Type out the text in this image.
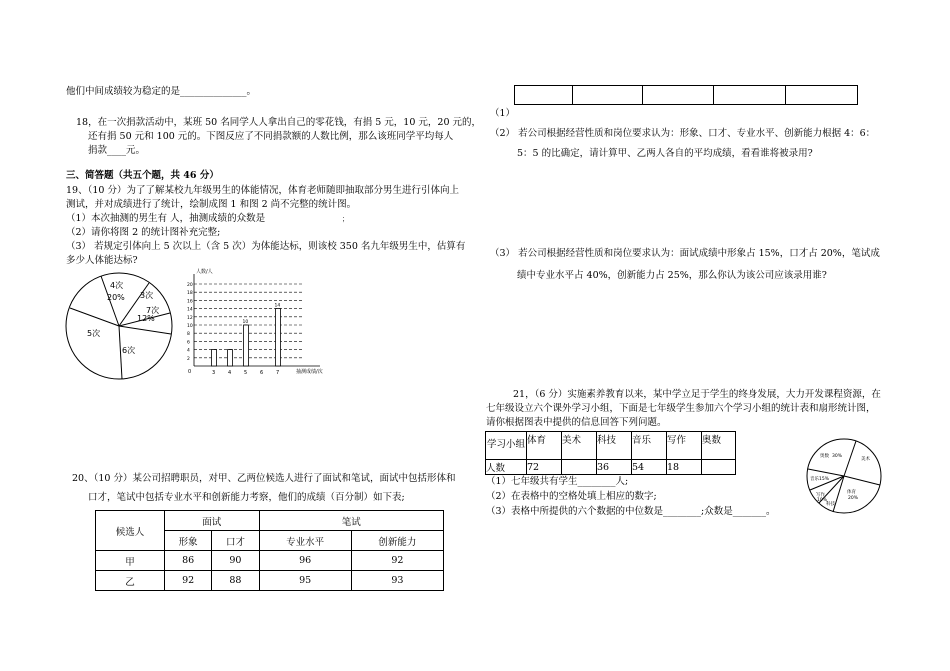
他们中间成绩较为稳定的是______________。
18，在一次捐款活动中，某班 50 名同学人人拿出自己的零花钱，有捐 5 元，10 元，20 元的，
还有捐 50 元和 100 元的。下图反应了不同捐款额的人数比例，那么该班同学平均每人
捐款____元。
三、简答题（共五个题，共 46 分）
19、（10 分）为了了解某校九年级男生的体能情况，体育老师随即抽取部分男生进行引体向上
测试，并对成绩进行了统计，绘制成图 1 和图 2 尚不完整的统计图。
（1）本次抽测的男生有 人，抽测成绩的众数是	；
（2）请你将图 2 的统计图补充完整;
（3） 若规定引体向上 5 次以上（含 5 次）为体能达标，则该校 350 名九年级男生中，估算有
多少人体能达标?
4次
20% 3次
7次
12%
5次
6次
人数/人
抽测成绩/次
0
2
4
6
8
10
12
14
16
18
20
3	4	5
10
6	7
14
20、（10 分）某公司招聘职员，对甲、乙两位候选人进行了面试和笔试，面试中包括形体和
口才，笔试中包括专业水平和创新能力考察，他们的成绩（百分制）如下表;
候选人	面试		笔试	
	形象	口才	专业水平	创新能力
甲	86	90	96	92
乙	92	88	95	93

（1）
（2） 若公司根据经营性质和岗位要求认为：形象、口才、专业水平、创新能力根据 4：6：
5：5 的比确定，请计算甲、乙两人各自的平均成绩，看看谁将被录用?
（3） 若公司根据经营性质和岗位要求认为：面试成绩中形象占 15%，口才占 20%，笔试成
绩中专业水平占 40%，创新能力占 25%，那么你认为该公司应该录用谁?
21，（6 分）实施素养教育以来，某中学立足于学生的终身发展，大力开发课程资源，在
七年级设立六个课外学习小组，下面是七年级学生参加六个学习小组的统计表和扇形统计图，
请你根据图表中提供的信息回答下列问题。
学习小组	体育	美术	科技	音乐	写作	奥数
人数	72		36	54	18	
（1）七年级共有学生________人;
（2）在表格中的空格处填上相应的数字;
（3）表格中所提供的六个数据的中位数是________;众数是_______。
奥数 30%
音乐 15%
写作
10%
科技
美术
体育
20%
